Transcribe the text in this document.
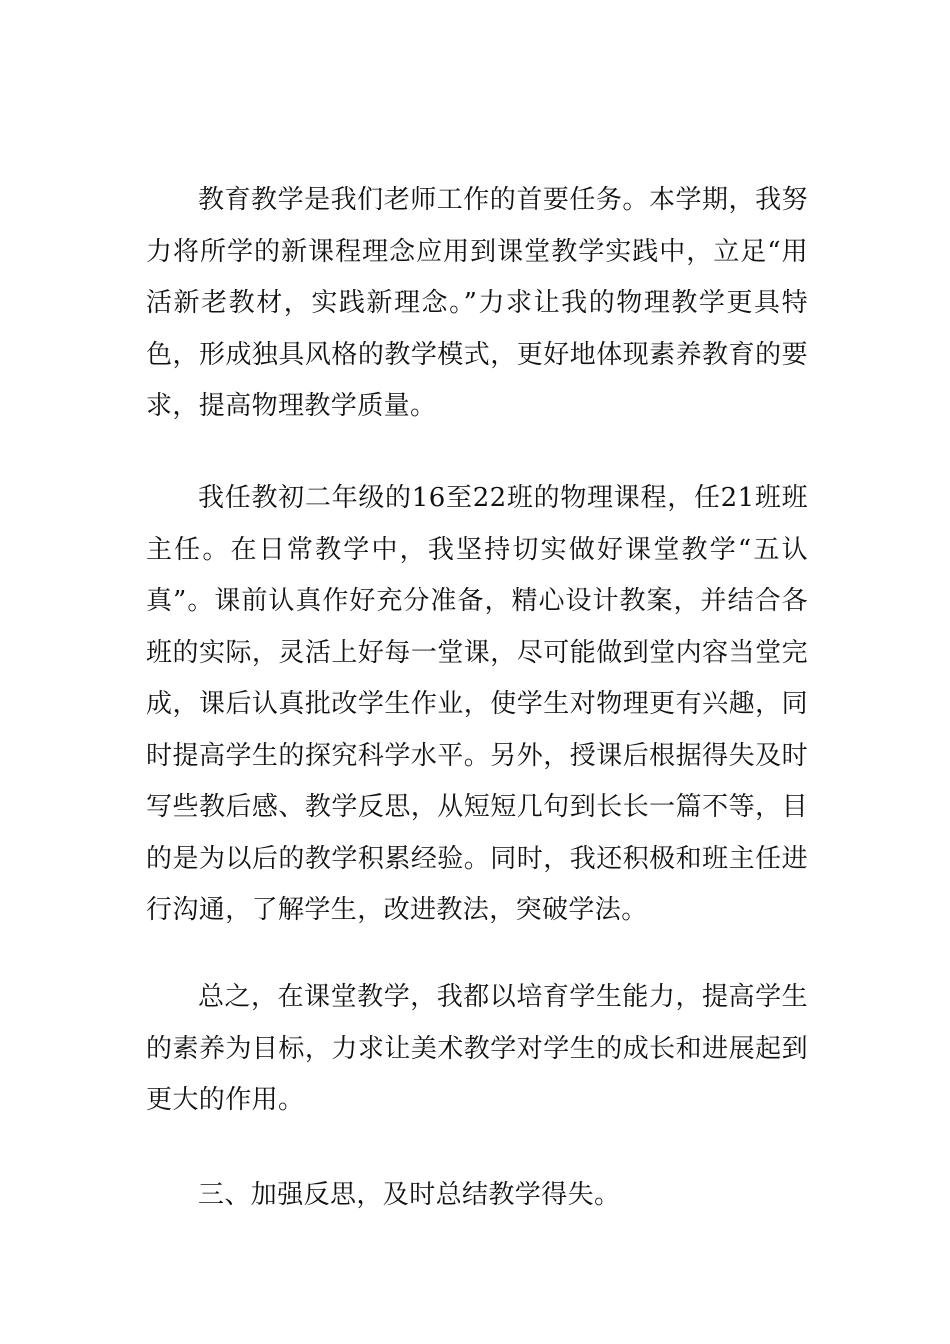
教育教学是我们老师工作的首要任务。本学期，我努力将所学的新课程理念应用到课堂教学实践中，立足“用活新老教材，实践新理念。”力求让我的物理教学更具特色，形成独具风格的教学模式，更好地体现素养教育的要求，提高物理教学质量。

我任教初二年级的16至22班的物理课程，任21班班主任。在日常教学中，我坚持切实做好课堂教学“五认真”。课前认真作好充分准备，精心设计教案，并结合各班的实际，灵活上好每一堂课，尽可能做到堂内容当堂完成，课后认真批改学生作业，使学生对物理更有兴趣，同时提高学生的探究科学水平。另外，授课后根据得失及时写些教后感、教学反思，从短短几句到长长一篇不等，目的是为以后的教学积累经验。同时，我还积极和班主任进行沟通，了解学生，改进教法，突破学法。

总之，在课堂教学，我都以培育学生能力，提高学生的素养为目标，力求让美术教学对学生的成长和进展起到更大的作用。

三、加强反思，及时总结教学得失。
